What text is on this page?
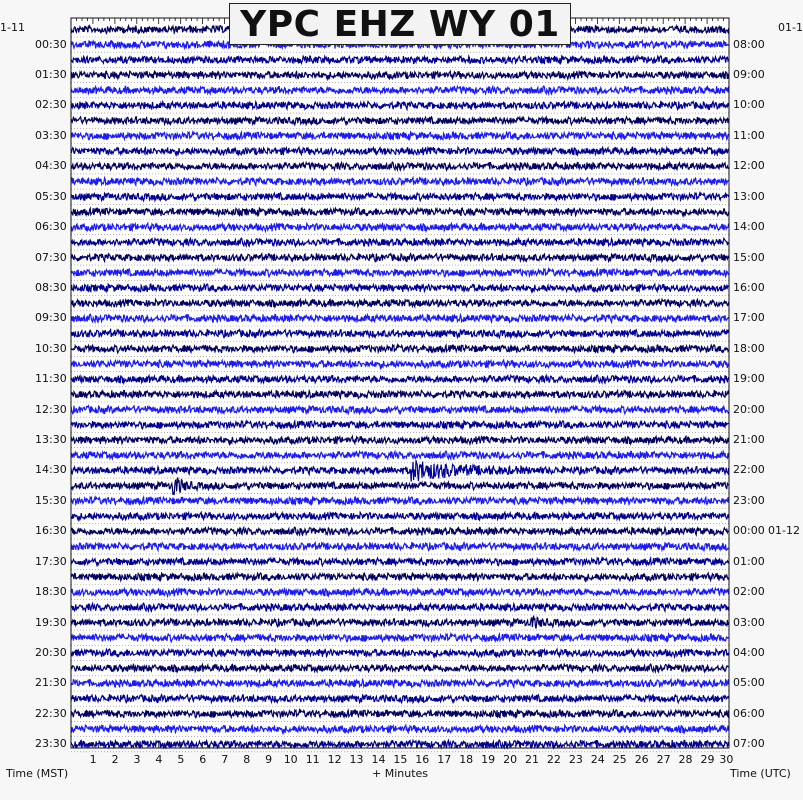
YPC EHZ WY 01
1-11	01-1
00:30
01:30
02:30
03:30
04:30
05:30
06:30
07:30
08:30
09:30
10:30
11:30
12:30
13:30
14:30
15:30
16:30
17:30
18:30
19:30
20:30
21:30
22:30
23:30
08:00
09:00
10:00
11:00
12:00
13:00
14:00
15:00
16:00
17:00
18:00
19:00
20:00
21:00
22:00
23:00
00:00 01-12
01:00
02:00
03:00
04:00
05:00
06:00
07:00
1 2 3 4 5 6 7 8 9 10 11 12 13 14 15 16 17 18 19 20 21 22 23 24 25 26 27 28 29 30
Time (MST)	+ Minutes	Time (UTC)
